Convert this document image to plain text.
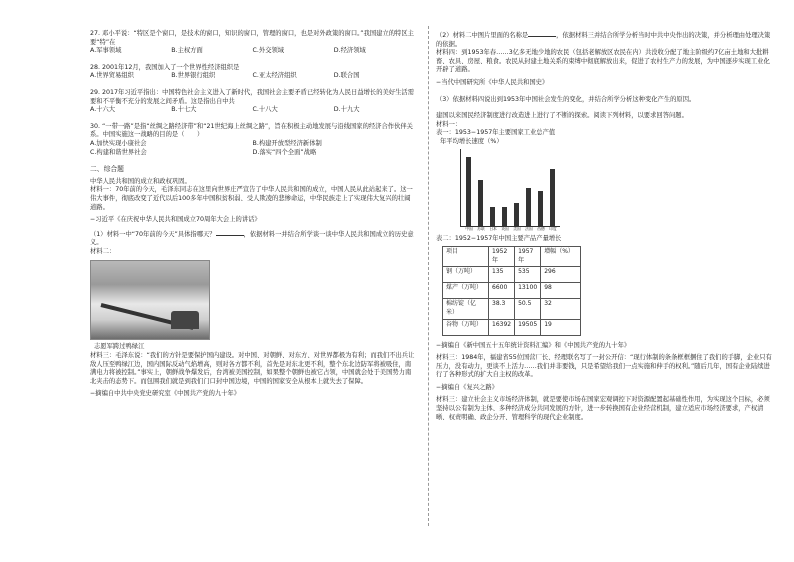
27. 邓小平说：“特区是个窗口，是技术的窗口，知识的窗口，管理的窗口，也是对外政策的窗口。”我国建立的特区主要“特”在

A.军事领域	B.主权方面	C.外交领域	D.经济领域

28. 2001年12月，我国加入了一个世界性经济组织是

A.世界贸易组织	B.世界银行组织	C.亚太经济组织	D.联合国

29. 2017年习近平指出：中国特色社会主义进入了新时代，我国社会主要矛盾已经转化为人民日益增长的美好生活需要和不平衡不充分的发展之间矛盾。这是指出自中共

A.十六大	B.十七大	C.十八大	D.十九大

30. “一带一路”是指“丝绸之路经济带”和“21世纪海上丝绸之路”，旨在积极主动地发展与沿线国家的经济合作伙伴关系。中国实施这一战略的目的是（　　）

A.加快实现小康社会	B.构建开放型经济新体制
C.构建和谐世界社会	D.落实“四个全面”战略

二、综合题

中华人民共和国的成立和政权巩固。

材料一：70年前的今天，毛泽东同志在这里向世界庄严宣告了中华人民共和国的成立，中国人民从此站起来了。这一伟大事件，彻底改变了近代以后100多年中国积贫积弱、受人欺凌的悲惨命运，中华民族走上了实现伟大复兴的壮阔道路。

−习近平《在庆祝中华人民共和国成立70周年大会上的讲话》

（1）材料一中“70年前的今天”具体指哪天？	，依据材料一并结合所学谈一谈中华人民共和国成立的历史意义。

材料二：

志愿军跨过鸭绿江

材料三：毛泽东说：“我们的方针是要保护国内建设。对中国、对朝鲜、对东方、对世界都极为有利；而我们不出兵让敌人压至鸭绿江边，国内国际反动气焰增高，则对各方都不利，首先是对东北更不利，整个东北边防军将被吸住，南满电力将被控制。”事实上，朝鲜战争爆发后，台湾被美国控制，如果整个朝鲜也被它占领，中国就会处于美国势力南北夹击的态势下。而包围我们就是到我们门口封中国边境，中国的国家安全从根本上就失去了保障。

−摘编自中共中央党史研究室《中国共产党的九十年》

（2）材料二中图片里面的名称是	，依据材料三并结合所学分析当时中共中央作出的决策，并分析理由处理决策的依据。

材料四：到1953年春……3亿多无地少地的农民（包括老解放区农民在内）共没收分配了地主阶级约7亿亩土地和大批耕畜、农具、房屋、粮食。农民从封建土地关系的束缚中彻底解放出来，促进了农村生产力的发展，为中国逐步实现工业化开辟了道路。

−当代中国研究所《中华人民共和国史》

（3）依据材料四说出到1953年中国社会发生的变化，并结合所学分析这种变化产生的原因。

建国以来国民经济制度进行改造进上进行了不断的探索。阅读下列材料，以要求回答问题。

材料一：

表一：1953−1957年主要国家工业总产值

年平均增长速度（%）

中国	苏联	日本	英国	美国	法国	西德	印度

表二：1952−1957年中国主要产品产量增长

项目	1952年	1957年	增幅（%）
钢（万吨）	135	535	296
煤产（万吨）	6600	13100	98
棉纺锭（亿米）	38.3	50.5	32
谷物（万吨）	16392	19505	19

−摘编自《新中国五十五年统计资料汇编》和《中国共产党的九十年》

材料三：1984年，福建省55位国营厂长、经理联名写了一封公开信：“现行体制的条条框框捆住了我们的手脚，企业只有压力，没有动力，更谈不上活力……我们并非要钱，只是希望给我们一点实施和伸手的权利。”随后几年，国有企业陆续进行了各种形式的扩大自主权的改革。

−摘编自《复兴之路》

材料三：建立社会主义市场经济体制，就是要使市场在国家宏观调控下对资源配置起基础性作用，为实现这个目标，必须坚持以公有制为主体、多种经济成分共同发展的方针，进一步转换国有企业经营机制，建立适应市场经济要求，产权清晰、权责明确、政企分开、管理科学的现代企业制度。
